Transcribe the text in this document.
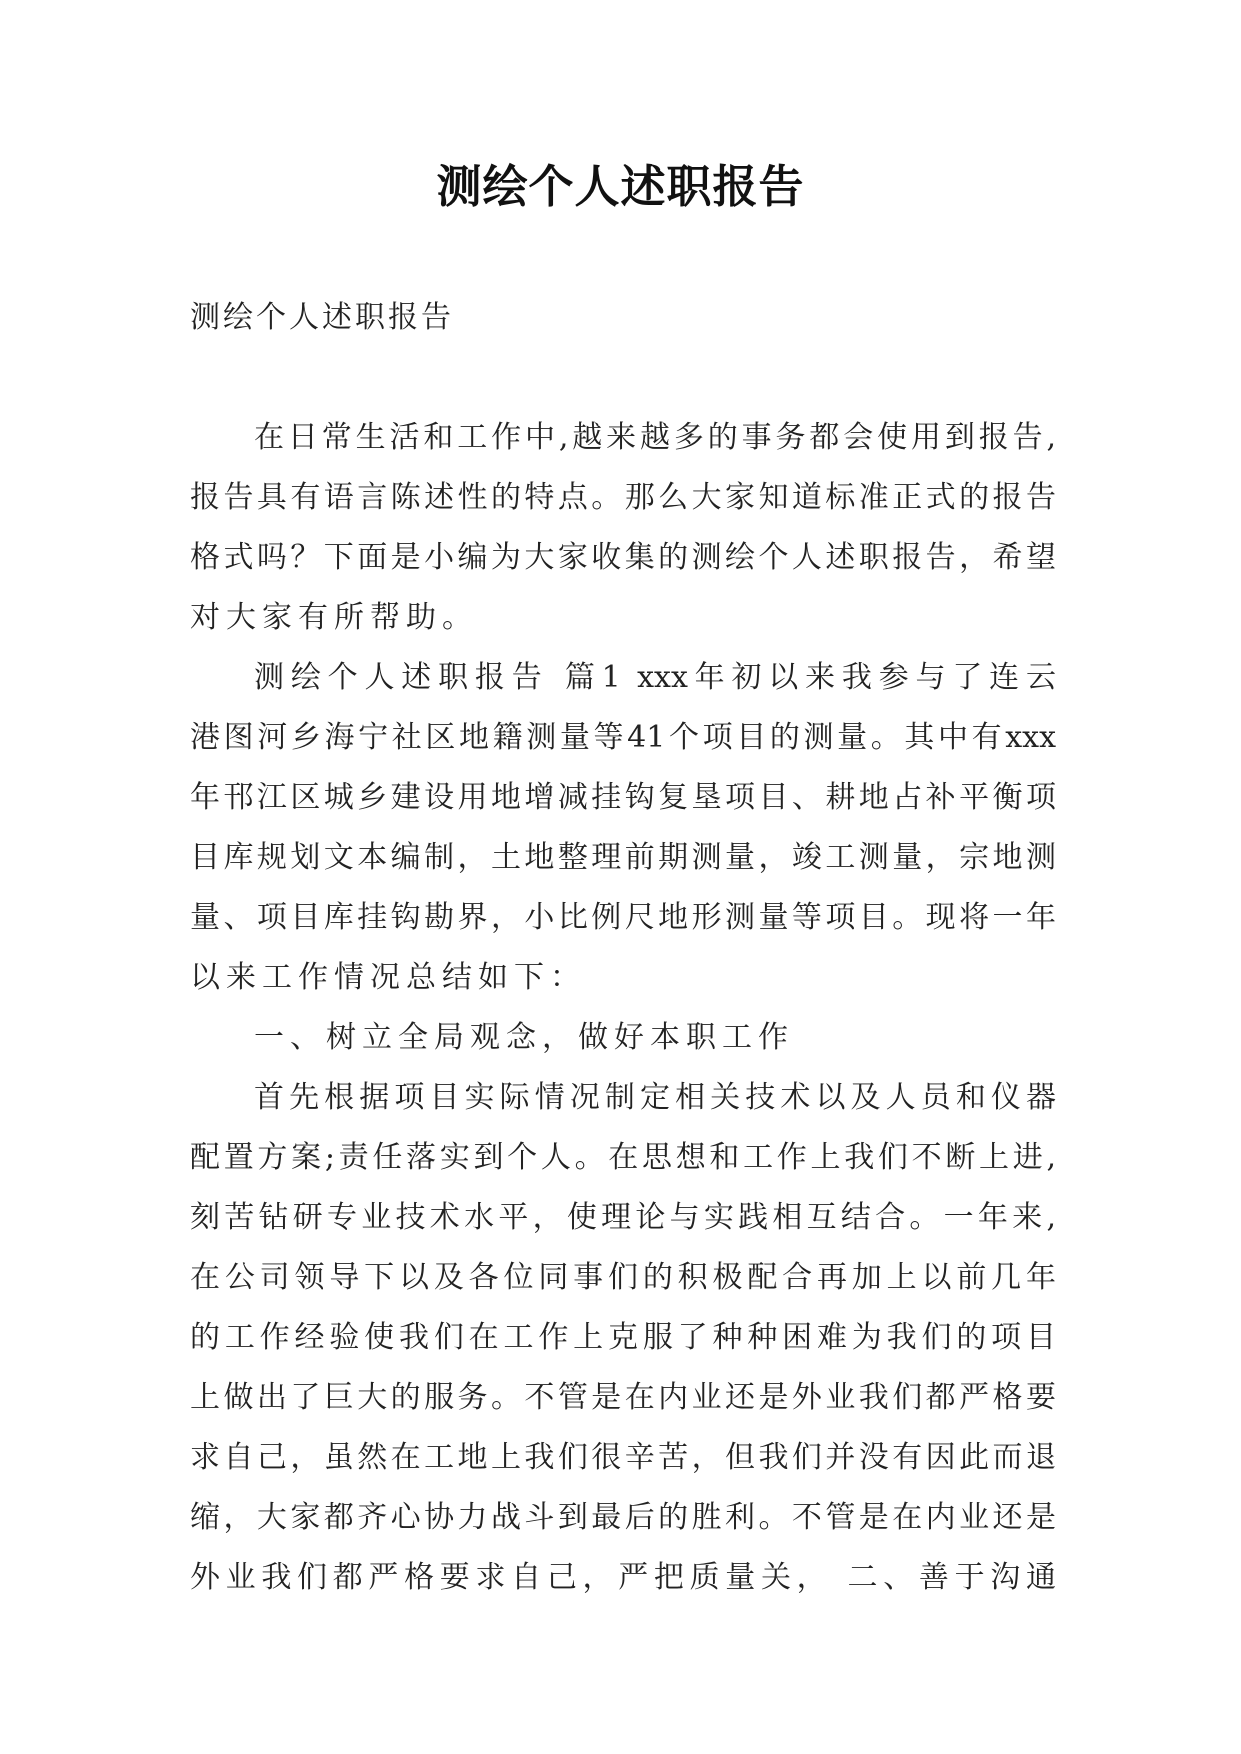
测绘个人述职报告

测绘个人述职报告

在日常生活和工作中,越来越多的事务都会使用到报告,
报告具有语言陈述性的特点。那么大家知道标准正式的报告
格式吗？下面是小编为大家收集的测绘个人述职报告，希望
对大家有所帮助。
测绘个人述职报告 篇1 xxx年初以来我参与了连云
港图河乡海宁社区地籍测量等41个项目的测量。其中有xxx
年邗江区城乡建设用地增减挂钩复垦项目、耕地占补平衡项
目库规划文本编制，土地整理前期测量，竣工测量，宗地测
量、项目库挂钩勘界，小比例尺地形测量等项目。现将一年
以来工作情况总结如下：
一、树立全局观念，做好本职工作
首先根据项目实际情况制定相关技术以及人员和仪器
配置方案;责任落实到个人。在思想和工作上我们不断上进,
刻苦钻研专业技术水平，使理论与实践相互结合。一年来,
在公司领导下以及各位同事们的积极配合再加上以前几年
的工作经验使我们在工作上克服了种种困难为我们的项目
上做出了巨大的服务。不管是在内业还是外业我们都严格要
求自己，虽然在工地上我们很辛苦，但我们并没有因此而退
缩，大家都齐心协力战斗到最后的胜利。不管是在内业还是
外业我们都严格要求自己，严把质量关， 二、善于沟通
